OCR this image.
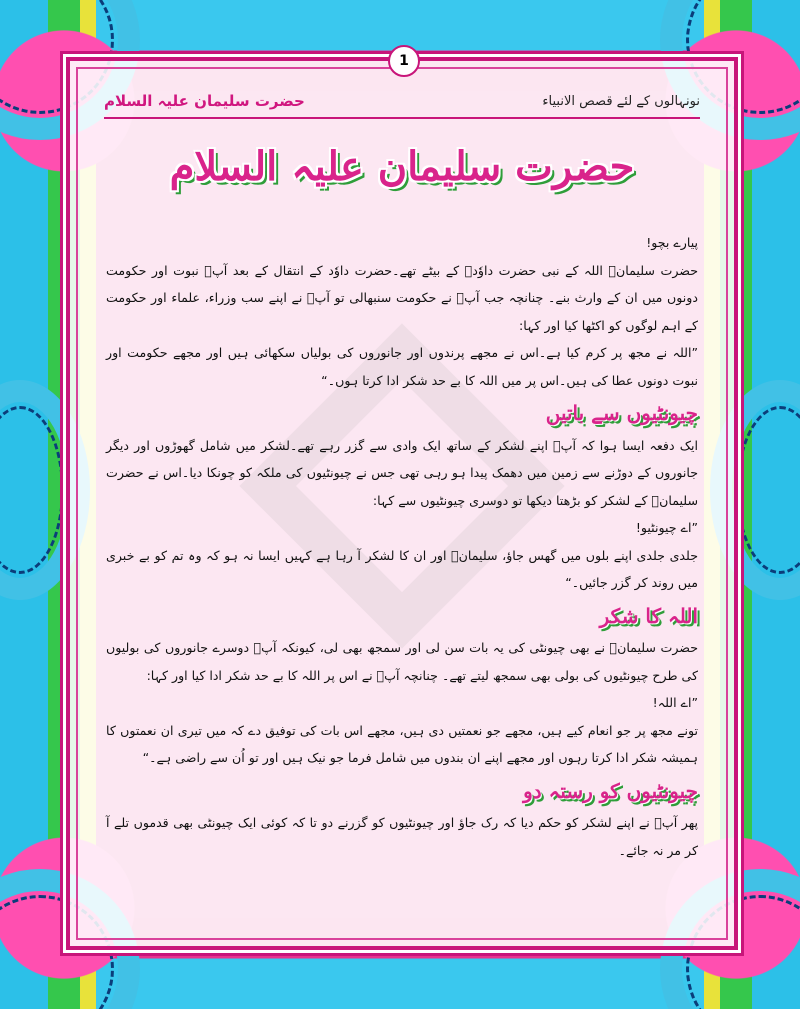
1
نونہالوں کے لئے قصص الانبیاء
حضرت سلیمان علیہ السلام
حضرت سلیمان علیہ السلام

پیارے بچو!

حضرت سلیمانؑ اللہ کے نبی حضرت داوٗدؑ کے بیٹے تھے۔حضرت داوٗد کے انتقال کے بعد آپؑ نبوت اور حکومت دونوں میں ان کے وارث بنے۔ چنانچہ جب آپؑ نے حکومت سنبھالی تو آپؑ نے اپنے سب وزراء، علماء اور حکومت کے اہم لوگوں کو اکٹھا کیا اور کہا:

”اللہ نے مجھ پر کرم کیا ہے۔اس نے مجھے پرندوں اور جانوروں کی بولیاں سکھائی ہیں اور مجھے حکومت اور نبوت دونوں عطا کی ہیں۔اس پر میں اللہ کا بے حد شکر ادا کرتا ہوں۔“

چیونٹیوں سے باتیں

ایک دفعہ ایسا ہوا کہ آپؑ اپنے لشکر کے ساتھ ایک وادی سے گزر رہے تھے۔لشکر میں شامل گھوڑوں اور دیگر جانوروں کے دوڑنے سے زمین میں دھمک پیدا ہو رہی تھی جس نے چیونٹیوں کی ملکہ کو چونکا دیا۔اس نے حضرت سلیمانؑ کے لشکر کو بڑھتا دیکھا تو دوسری چیونٹیوں سے کہا:

”اے چیونٹیو!

جلدی جلدی اپنے بلوں میں گھس جاؤ، سلیمانؑ اور ان کا لشکر آ رہا ہے کہیں ایسا نہ ہو کہ وہ تم کو بے خبری میں روند کر گزر جائیں۔“

اللہ کا شکر

حضرت سلیمانؑ نے بھی چیونٹی کی یہ بات سن لی اور سمجھ بھی لی، کیونکہ آپؑ دوسرے جانوروں کی بولیوں کی طرح چیونٹیوں کی بولی بھی سمجھ لیتے تھے۔ چنانچہ آپؑ نے اس پر اللہ کا بے حد شکر ادا کیا اور کہا:

”اے اللہ!

تونے مجھ پر جو انعام کیے ہیں، مجھے جو نعمتیں دی ہیں، مجھے اس بات کی توفیق دے کہ میں تیری ان نعمتوں کا ہمیشہ شکر ادا کرتا رہوں اور مجھے اپنے ان بندوں میں شامل فرما جو نیک ہیں اور تو اُن سے راضی ہے۔“

چیونٹیوں کو رستہ دو

پھر آپؑ نے اپنے لشکر کو حکم دیا کہ رک جاؤ اور چیونٹیوں کو گزرنے دو تا کہ کوئی ایک چیونٹی بھی قدموں تلے آ کر مر نہ جائے۔
